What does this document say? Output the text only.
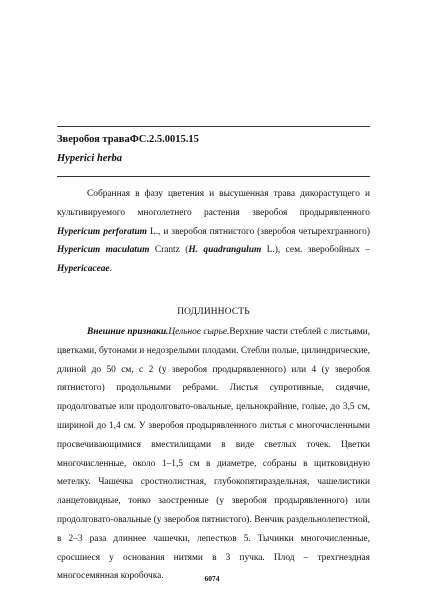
Зверобоя траваФС.2.5.0015.15
Hyperici herba

Собранная в фазу цветения и высушенная трава дикорастущего и культивируемого многолетнего растения зверобоя продырявленного Hypericum perforatum L., и зверобоя пятнистого (зверобоя четырехгранного) Hypericum maculatum Crantz (H. quadrangulum L.), сем. зверобойных – Hypericaceae.

ПОДЛИННОСТЬ

Внешние признаки.Цельное сырье.Верхние части стеблей с листьями, цветками, бутонами и недозрелыми плодами. Стебли полые, цилиндрические, длиной до 50 см, с 2 (у зверобоя продырявленного) или 4 (у зверобоя пятнистого) продольными ребрами. Листья супротивные, сидячие, продолговатые или продолговато-овальные, цельнокрайние, голые, до 3,5 см, шириной до 1,4 см. У зверобоя продырявленного листья с многочисленными просвечивающимися вместилищами в виде светлых точек. Цветки многочисленные, около 1–1,5 см в диаметре, собраны в щитковидную метелку. Чашечка сростнолистная, глубокопятираздельная, чашелистики ланцетовидные, тонко заостренные (у зверобоя продырявленного) или продолговато-овальные (у зверобоя пятнистого). Венчик раздельнолепестной, в 2–3 раза длиннее чашечки, лепестков 5. Тычинки многочисленные, сросшиеся у основания нитями в 3 пучка. Плод – трехгнездная многосемянная коробочка.	6074
